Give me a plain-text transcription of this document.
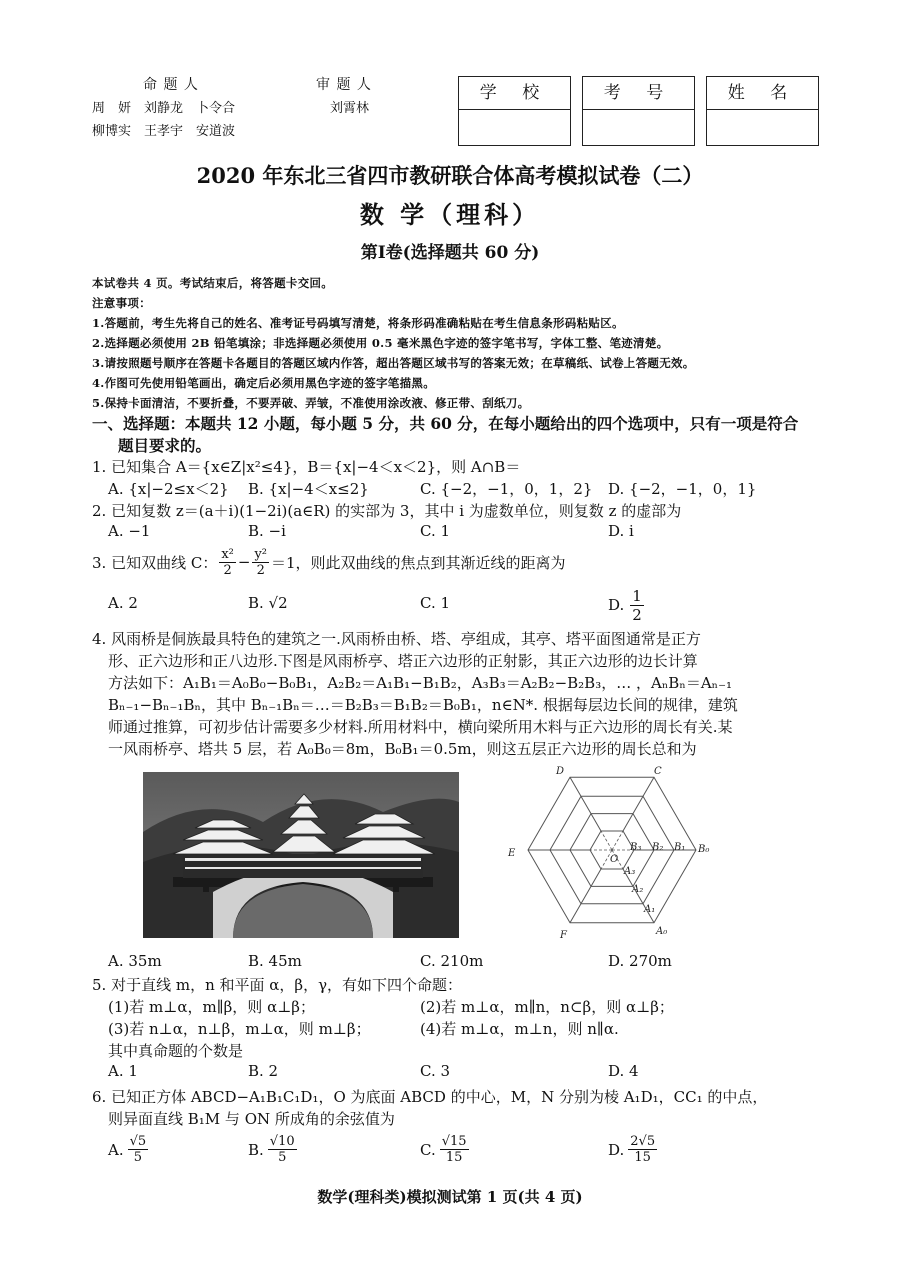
命 题 人	审 题 人
周　妍　刘静龙　卜令合	刘霄林
柳博实　王孝宇　安道波
学 校	考 号	姓 名
2020 年东北三省四市教研联合体高考模拟试卷（二）
数 学（理科）
第Ⅰ卷(选择题共 60 分)
本试卷共 4 页。考试结束后，将答题卡交回。
注意事项：
1.答题前，考生先将自己的姓名、准考证号码填写清楚，将条形码准确粘贴在考生信息条形码粘贴区。
2.选择题必须使用 2B 铅笔填涂；非选择题必须使用 0.5 毫米黑色字迹的签字笔书写，字体工整、笔迹清楚。
3.请按照题号顺序在答题卡各题目的答题区域内作答，超出答题区域书写的答案无效；在草稿纸、试卷上答题无效。
4.作图可先使用铅笔画出，确定后必须用黑色字迹的签字笔描黑。
5.保持卡面清洁，不要折叠，不要弄破、弄皱，不准使用涂改液、修正带、刮纸刀。
一、选择题：本题共 12 小题，每小题 5 分，共 60 分，在每小题给出的四个选项中，只有一项是符合
题目要求的。
1. 已知集合 A＝{x∈Z|x²≤4}，B＝{x|−4＜x＜2}，则 A∩B＝
A. {x|−2≤x＜2} B. {x|−4＜x≤2}	C. {−2，−1，0，1，2} D. {−2，−1，0，1}
2. 已知复数 z＝(a＋i)(1−2i)(a∈R) 的实部为 3，其中 i 为虚数单位，则复数 z 的虚部为
A. −1	B. −i	C. 1	D. i
3. 已知双曲线 C： $\frac{\text{x²}}{2} - \frac{\text{y²}}{2} =1$，则此双曲线的焦点到其渐近线的距离为
A. 2	B. √2	C. 1	D. $\frac{1}{2}$
4. 风雨桥是侗族最具特色的建筑之一.风雨桥由桥、塔、亭组成，其亭、塔平面图通常是正方
形、正六边形和正八边形.下图是风雨桥亭、塔正六边形的正射影，其正六边形的边长计算
方法如下：A₁B₁＝A₀B₀−B₀B₁，A₂B₂＝A₁B₁−B₁B₂，A₃B₃＝A₂B₂−B₂B₃，… ，AₙBₙ＝Aₙ₋₁
Bₙ₋₁−Bₙ₋₁Bₙ，其中 Bₙ₋₁Bₙ＝…＝B₂B₃＝B₁B₂＝B₀B₁，n∈N*. 根据每层边长间的规律，建筑
师通过推算，可初步估计需要多少材料.所用材料中，横向梁所用木料与正六边形的周长有关.某
一风雨桥亭、塔共 5 层，若 A₀B₀＝8m，B₀B₁＝0.5m，则这五层正六边形的周长总和为
D	C
E	B₀
F	A₀
A₁
A₂
A₃
B₃ B₂ B₁
O
A. 35m	B. 45m	C. 210m	D. 270m
5. 对于直线 m，n 和平面 α，β，γ，有如下四个命题：
(1)若 m⊥α，m∥β，则 α⊥β；	(2)若 m⊥α，m∥n，n⊂β，则 α⊥β；
(3)若 n⊥α，n⊥β，m⊥α，则 m⊥β；	(4)若 m⊥α，m⊥n，则 n∥α.
其中真命题的个数是
A. 1	B. 2	C. 3	D. 4
6. 已知正方体 ABCD−A₁B₁C₁D₁，O 为底面 ABCD 的中心，M，N 分别为棱 A₁D₁，CC₁ 的中点，
则异面直线 B₁M 与 ON 所成角的余弦值为
A. $\frac{√5}{5}$	B. $\frac{√10}{5}$	C. $\frac{√15}{15}$	D. $\frac{2√5}{15}$
数学(理科类)模拟测试第 1 页(共 4 页)
